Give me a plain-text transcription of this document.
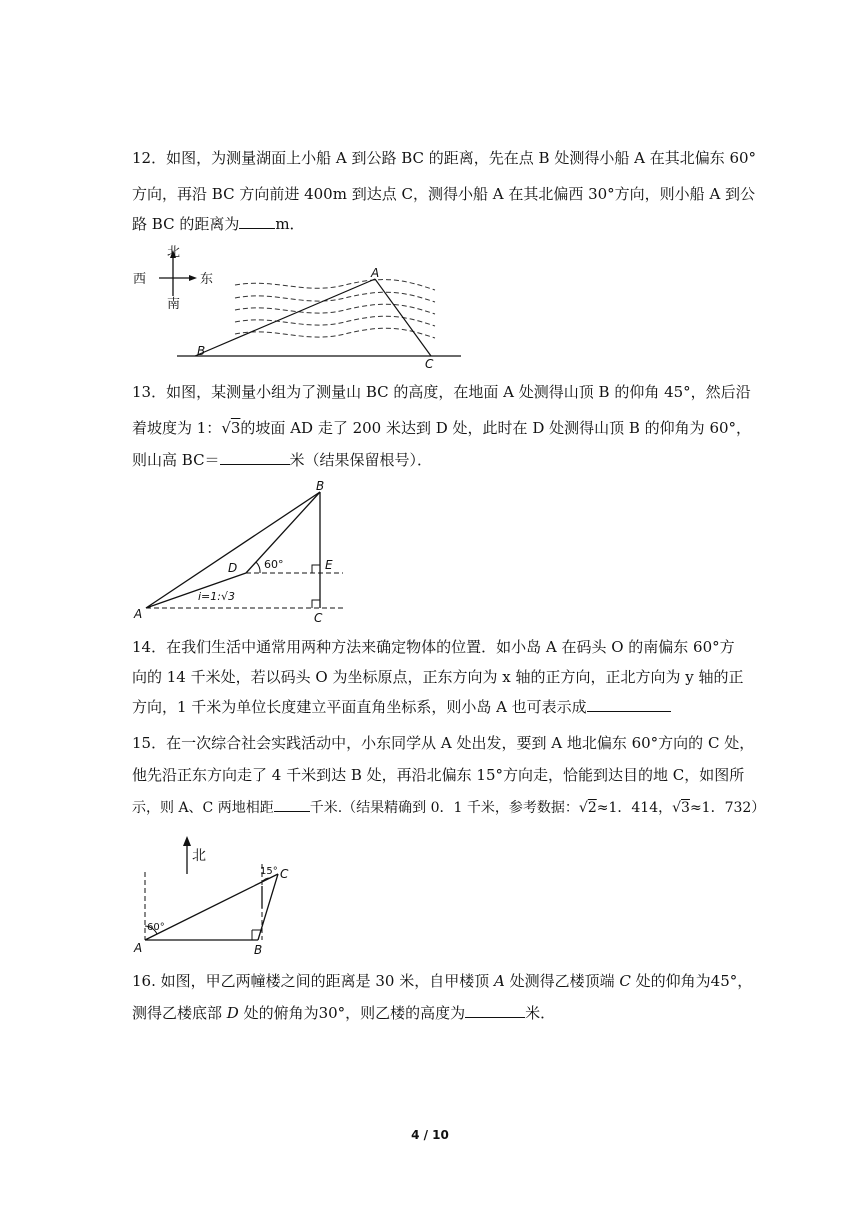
12．如图，为测量湖面上小船 A 到公路 BC 的距离，先在点 B 处测得小船 A 在其北偏东 60°
方向，再沿 BC 方向前进 400m 到达点 C，测得小船 A 在其北偏西 30°方向，则小船 A 到公
路 BC 的距离为 m．
北
西	东
南
A
B
C
13．如图，某测量小组为了测量山 BC 的高度，在地面 A 处测得山顶 B 的仰角 45°，然后沿
着坡度为 1：√3的坡面 AD 走了 200 米达到 D 处，此时在 D 处测得山顶 B 的仰角为 60°，
则山高 BC＝	米（结果保留根号）．
B
A	C
D	E
60°
i=1:√3
14．在我们生活中通常用两种方法来确定物体的位置．如小岛 A 在码头 O 的南偏东 60°方
向的 14 千米处，若以码头 O 为坐标原点，正东方向为 x 轴的正方向，正北方向为 y 轴的正
方向，1 千米为单位长度建立平面直角坐标系，则小岛 A 也可表示成
15．在一次综合社会实践活动中，小东同学从 A 处出发，要到 A 地北偏东 60°方向的 C 处，
他先沿正东方向走了 4 千米到达 B 处，再沿北偏东 15°方向走，恰能到达目的地 C，如图所
示，则 A、C 两地相距	千米.（结果精确到 0．1 千米，参考数据：√2≈1．414，√3≈1．732）
北
C
A	B
60°
15°
16. 如图，甲乙两幢楼之间的距离是 30 米，自甲楼顶 A 处测得乙楼顶端 C 处的仰角为45°，
测得乙楼底部 D 处的俯角为30°，则乙楼的高度为	米．
4 / 10
